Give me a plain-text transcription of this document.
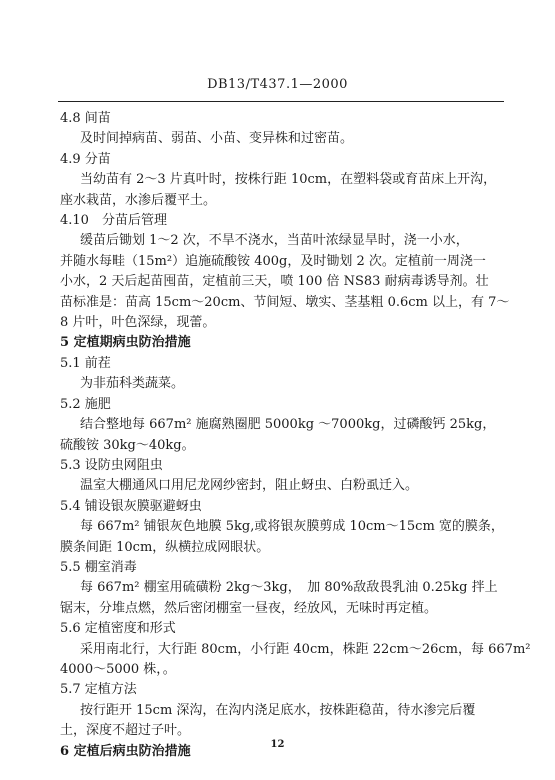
DB13/T437.1—2000
4.8 间苗
及时间掉病苗、弱苗、小苗、变异株和过密苗。
4.9 分苗
当幼苗有 2～3 片真叶时，按株行距 10cm，在塑料袋或育苗床上开沟，
座水栽苗，水渗后覆平土。
4.10　分苗后管理
缓苗后锄划 1～2 次，不旱不浇水，当苗叶浓绿显旱时，浇一小水，
并随水每畦（15m²）追施硫酸铵 400g，及时锄划 2 次。定植前一周浇一
小水，2 天后起苗囤苗，定植前三天，喷 100 倍 NS83 耐病毒诱导剂。壮
苗标准是：苗高 15cm～20cm、节间短、墩实、茎基粗 0.6cm 以上，有 7～
8 片叶，叶色深绿，现蕾。
5 定植期病虫防治措施
5.1 前茬
为非茄科类蔬菜。
5.2 施肥
结合整地每 667m² 施腐熟圈肥 5000kg ～7000kg，过磷酸钙 25kg，
硫酸铵 30kg～40kg。
5.3 设防虫网阻虫
温室大棚通风口用尼龙网纱密封，阻止蚜虫、白粉虱迁入。
5.4 铺设银灰膜驱避蚜虫
每 667m² 铺银灰色地膜 5kg,或将银灰膜剪成 10cm～15cm 宽的膜条，
膜条间距 10cm，纵横拉成网眼状。
5.5 棚室消毒
每 667m² 棚室用硫磺粉 2kg～3kg，　加 80%敌敌畏乳油 0.25kg 拌上
锯末，分堆点燃，然后密闭棚室一昼夜，经放风，无味时再定植。
5.6 定植密度和形式
采用南北行，大行距 80cm，小行距 40cm，株距 22cm～26cm，每 667m²
4000～5000 株，。
5.7 定植方法
按行距开 15cm 深沟，在沟内浇足底水，按株距稳苗，待水渗完后覆
土，深度不超过子叶。
6 定植后病虫防治措施	12
